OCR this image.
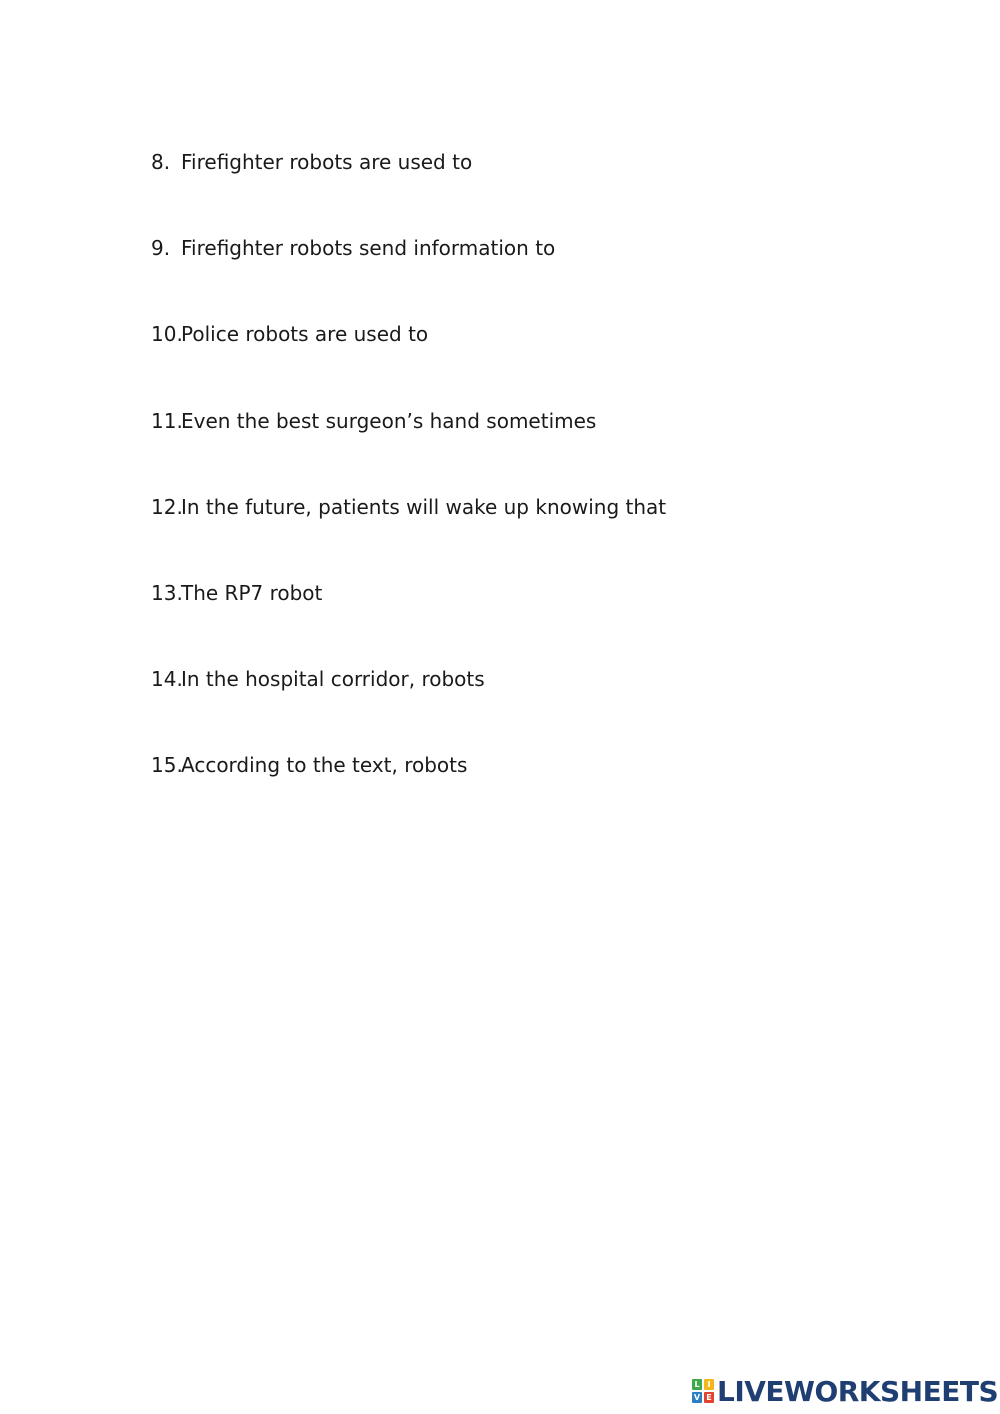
8. Firefighter robots are used to
9. Firefighter robots send information to
10.Police robots are used to
11.Even the best surgeon’s hand sometimes
12.In the future, patients will wake up knowing that
13.The RP7 robot
14.In the hospital corridor, robots
15.According to the text, robots
L I
V E LIVEWORKSHEETS
